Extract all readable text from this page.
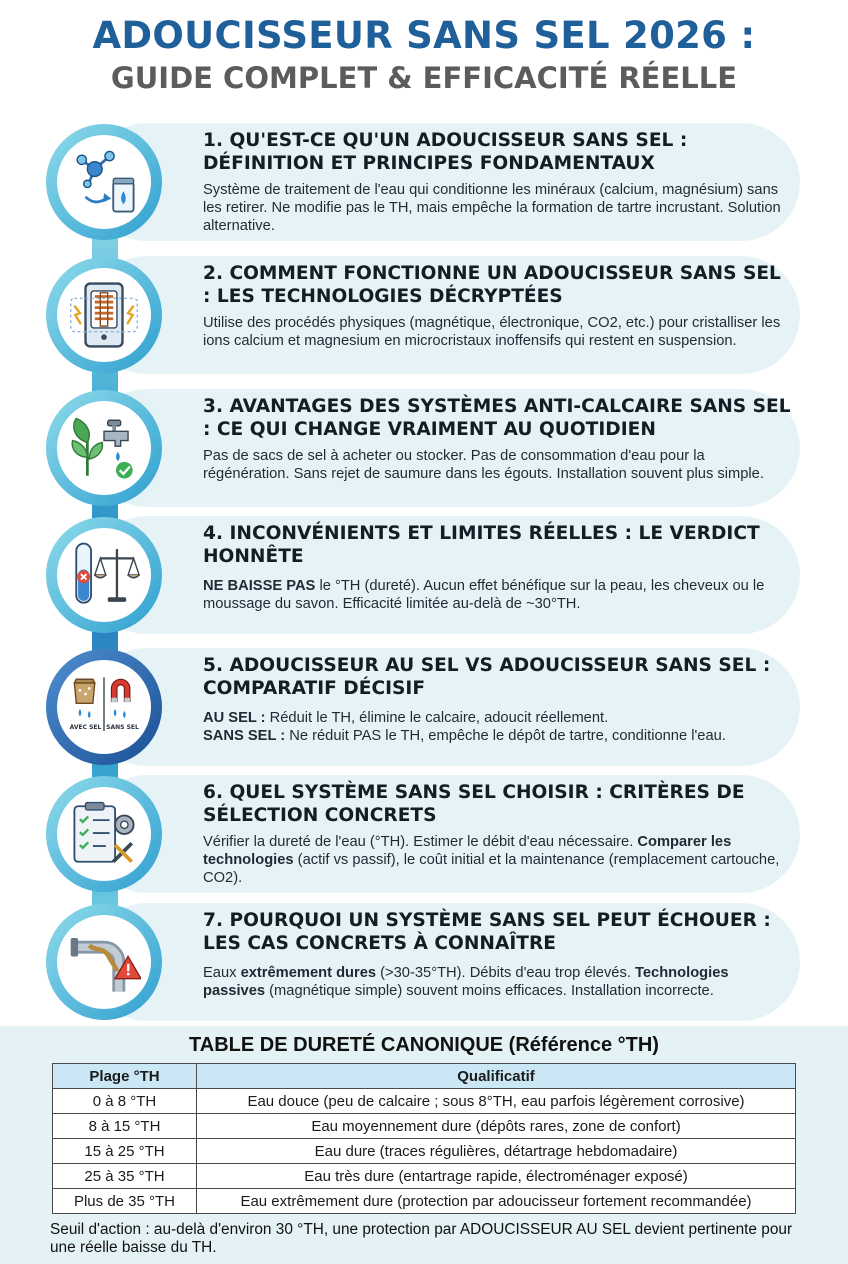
ADOUCISSEUR SANS SEL 2026 :
GUIDE COMPLET & EFFICACITÉ RÉELLE
1. QU'EST-CE QU'UN ADOUCISSEUR SANS SEL : DÉFINITION ET PRINCIPES FONDAMENTAUX
Système de traitement de l'eau qui conditionne les minéraux (calcium, magnésium) sans les retirer. Ne modifie pas le TH, mais empêche la formation de tartre incrustant. Solution alternative.
2. COMMENT FONCTIONNE UN ADOUCISSEUR SANS SEL : LES TECHNOLOGIES DÉCRYPTÉES
Utilise des procédés physiques (magnétique, électronique, CO2, etc.) pour cristalliser les ions calcium et magnesium en microcristaux inoffensifs qui restent en suspension.
3. AVANTAGES DES SYSTÈMES ANTI-CALCAIRE SANS SEL : CE QUI CHANGE VRAIMENT AU QUOTIDIEN
Pas de sacs de sel à acheter ou stocker. Pas de consommation d'eau pour la régénération. Sans rejet de saumure dans les égouts. Installation souvent plus simple.
4. INCONVÉNIENTS ET LIMITES RÉELLES : LE VERDICT HONNÊTE
NE BAISSE PAS le °TH (dureté). Aucun effet bénéfique sur la peau, les cheveux ou le moussage du savon. Efficacité limitée au-delà de ~30°TH.
AVEC SEL SANS SEL
5. ADOUCISSEUR AU SEL VS ADOUCISSEUR SANS SEL : COMPARATIF DÉCISIF
AU SEL : Réduit le TH, élimine le calcaire, adoucit réellement.
SANS SEL : Ne réduit PAS le TH, empêche le dépôt de tartre, conditionne l'eau.
6. QUEL SYSTÈME SANS SEL CHOISIR : CRITÈRES DE SÉLECTION CONCRETS
Vérifier la dureté de l'eau (°TH). Estimer le débit d'eau nécessaire. Comparer les technologies (actif vs passif), le coût initial et la maintenance (remplacement cartouche, CO2).
7. POURQUOI UN SYSTÈME SANS SEL PEUT ÉCHOUER : LES CAS CONCRETS À CONNAÎTRE
Eaux extrêmement dures (>30-35°TH). Débits d'eau trop élevés. Technologies passives (magnétique simple) souvent moins efficaces. Installation incorrecte.
TABLE DE DURETÉ CANONIQUE (Référence °TH)
Plage °TH	Qualificatif
0 à 8 °TH	Eau douce (peu de calcaire ; sous 8°TH, eau parfois légèrement corrosive)
8 à 15 °TH	Eau moyennement dure (dépôts rares, zone de confort)
15 à 25 °TH	Eau dure (traces régulières, détartrage hebdomadaire)
25 à 35 °TH	Eau très dure (entartrage rapide, électroménager exposé)
Plus de 35 °TH	Eau extrêmement dure (protection par adoucisseur fortement recommandée)
Seuil d'action : au-delà d'environ 30 °TH, une protection par ADOUCISSEUR AU SEL devient pertinente pour une réelle baisse du TH.
